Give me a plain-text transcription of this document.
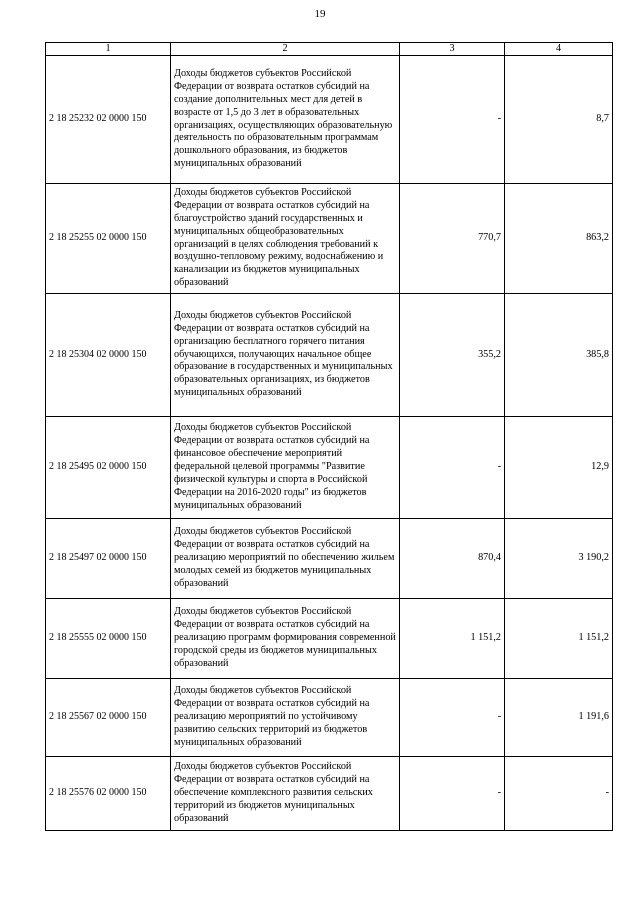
19
1	2	3	4
2 18 25232 02 0000 150	Доходы бюджетов субъектов Российской Федерации от возврата остатков субсидий на создание дополнительных мест для детей в возрасте от 1,5 до 3 лет в образовательных организациях, осуществляющих образовательную деятельность по образовательным программам дошкольного образования, из бюджетов муниципальных образований	-	8,7
2 18 25255 02 0000 150	Доходы бюджетов субъектов Российской Федерации от возврата остатков субсидий на благоустройство зданий государственных и муниципальных общеобразовательных организаций в целях соблюдения требований к воздушно-тепловому режиму, водоснабжению и канализации из бюджетов муниципальных образований	770,7	863,2
2 18 25304 02 0000 150	Доходы бюджетов субъектов Российской Федерации от возврата остатков субсидий на организацию бесплатного горячего питания обучающихся, получающих начальное общее образование в государственных и муниципальных образовательных организациях, из бюджетов муниципальных образований	355,2	385,8
2 18 25495 02 0000 150	Доходы бюджетов субъектов Российской Федерации от возврата остатков субсидий на финансовое обеспечение мероприятий федеральной целевой программы "Развитие физической культуры и спорта в Российской Федерации на 2016-2020 годы" из бюджетов муниципальных образований	-	12,9
2 18 25497 02 0000 150	Доходы бюджетов субъектов Российской Федерации от возврата остатков субсидий на реализацию мероприятий по обеспечению жильем молодых семей из бюджетов муниципальных образований	870,4	3 190,2
2 18 25555 02 0000 150	Доходы бюджетов субъектов Российской Федерации от возврата остатков субсидий на реализацию программ формирования современной городской среды из бюджетов муниципальных образований	1 151,2	1 151,2
2 18 25567 02 0000 150	Доходы бюджетов субъектов Российской Федерации от возврата остатков субсидий на реализацию мероприятий по устойчивому развитию сельских территорий из бюджетов муниципальных образований	-	1 191,6
2 18 25576 02 0000 150	Доходы бюджетов субъектов Российской Федерации от возврата остатков субсидий на обеспечение комплексного развития сельских территорий из бюджетов муниципальных образований	-	-
